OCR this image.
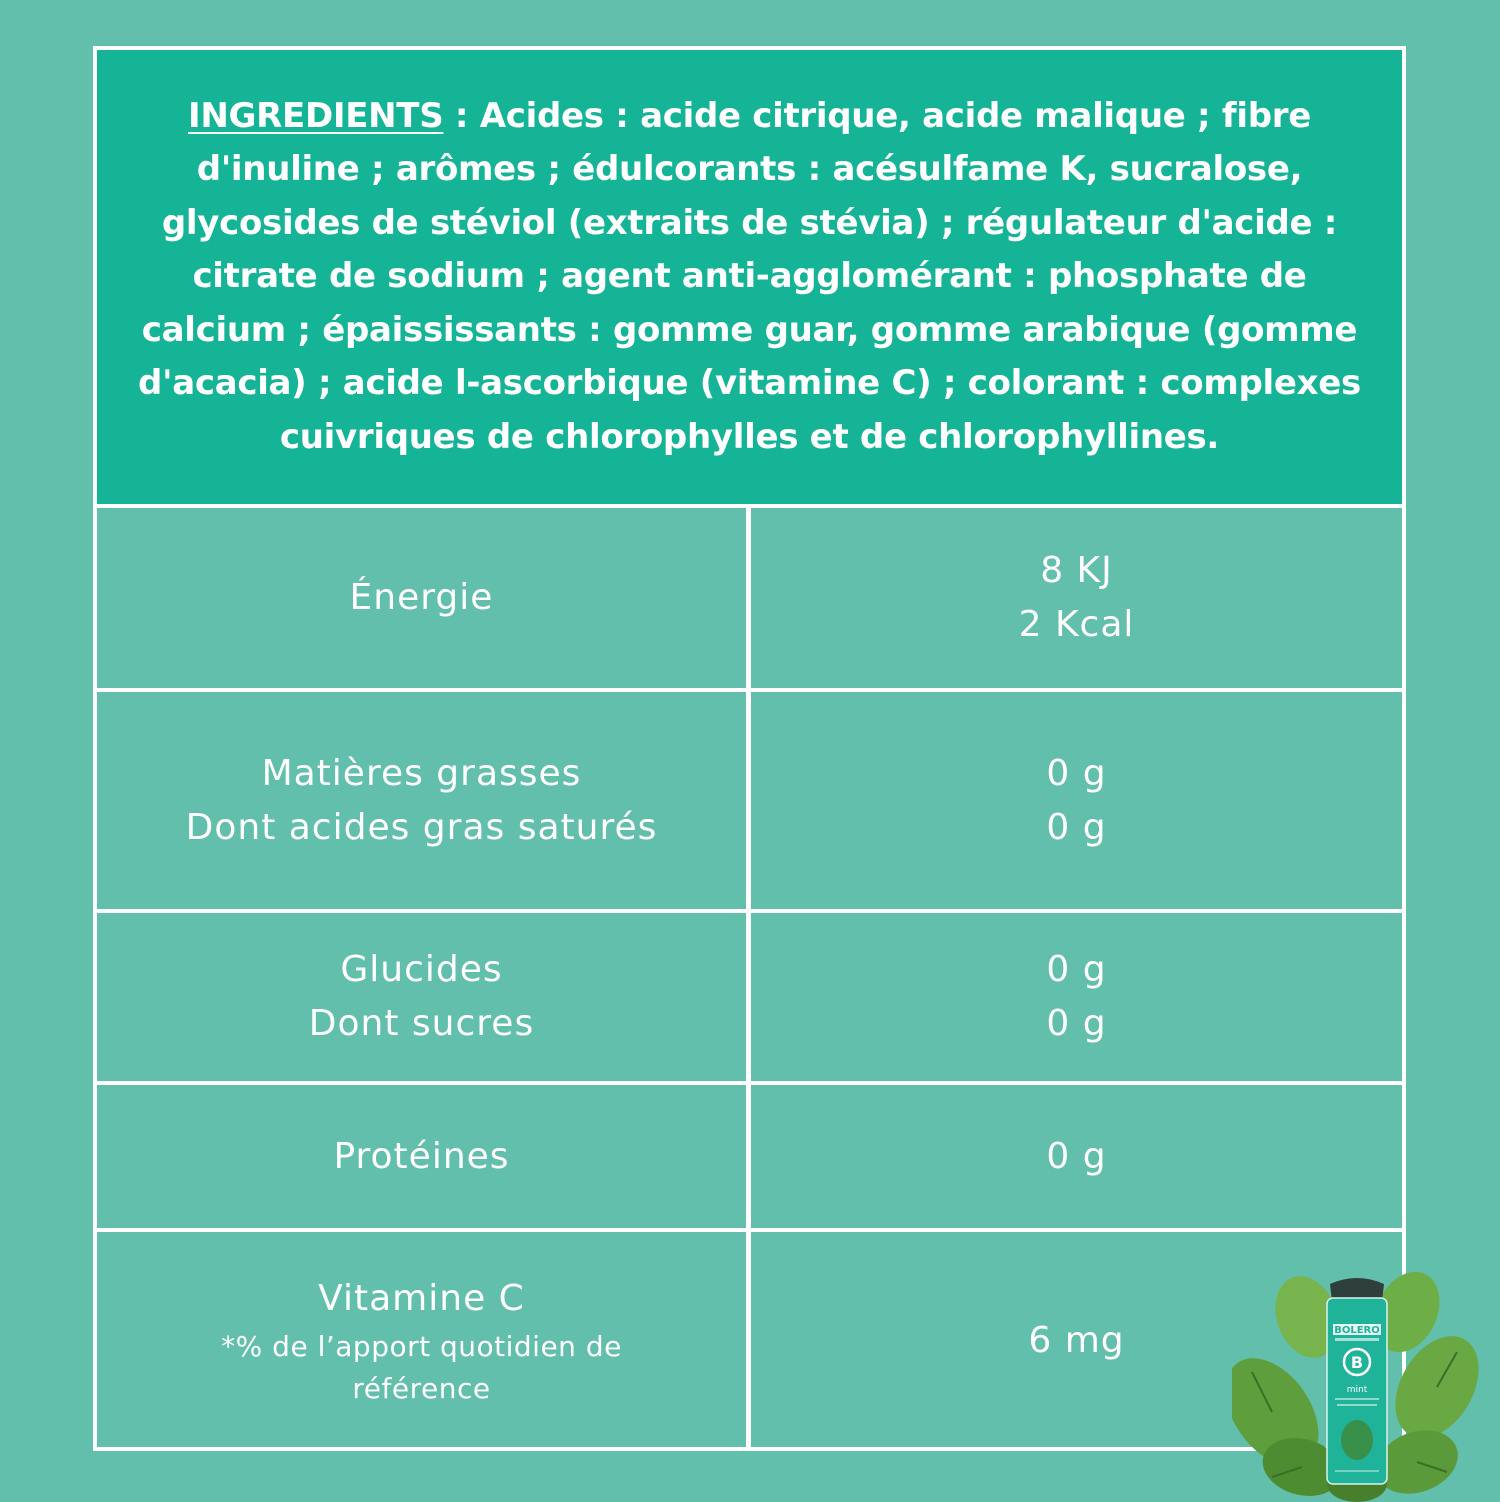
INGREDIENTS : Acides : acide citrique, acide malique ; fibre d'inuline ; arômes ; édulcorants : acésulfame K, sucralose, glycosides de stéviol (extraits de stévia) ; régulateur d'acide : citrate de sodium ; agent anti-agglomérant : phosphate de calcium ; épaississants : gomme guar, gomme arabique (gomme d'acacia) ; acide l-ascorbique (vitamine C) ; colorant : complexes cuivriques de chlorophylles et de chlorophyllines.

Énergie
8 KJ
2 Kcal
Matières grasses
Dont acides gras saturés
0 g
0 g
Glucides
Dont sucres
0 g
0 g
Protéines	0 g
Vitamine C
*% de l’apport quotidien de référence
6 mg	BOLERO
B
mint
